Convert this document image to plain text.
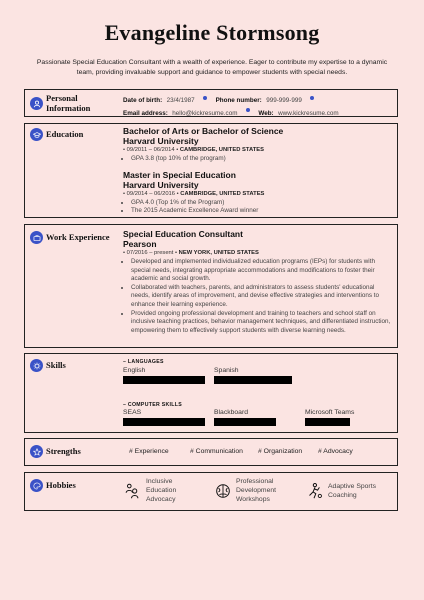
Evangeline Stormsong
Passionate Special Education Consultant with a wealth of experience. Eager to contribute my expertise to a dynamic team, providing invaluable support and guidance to empower students with special needs.
Personal
Information
Date of birth: 23/4/1987	Phone number: 999-999-999
Email address: hello@kickresume.com	Web: www.kickresume.com
Education	Bachelor of Arts or Bachelor of Science
Harvard University
• 09/2011 – 06/2014 • CAMBRIDGE, UNITED STATES
• GPA 3.8 (top 10% of the program)
Master in Special Education
Harvard University
• 09/2014 – 06/2016 • CAMBRIDGE, UNITED STATES
• GPA 4.0 (Top 1% of the Program)
• The 2015 Academic Excellence Award winner
Work Experience Special Education Consultant
Pearson
• 07/2016 – present • NEW YORK, UNITED STATES
• Developed and implemented individualized education programs (IEPs) for students with special needs, integrating appropriate accommodations and modifications to foster their academic and social growth.
• Collaborated with teachers, parents, and administrators to assess students' educational needs, identify areas of improvement, and devise effective strategies and interventions to enhance their learning experience.
• Provided ongoing professional development and training to teachers and school staff on inclusive teaching practices, behavior management techniques, and differentiated instruction, empowering them to effectively support students with diverse learning needs.
Skills	– LANGUAGES
English	Spanish
– COMPUTER SKILLS
SEAS	Blackboard	Microsoft Teams
Strengths	# Experience	# Communication # Organization # Advocacy
Hobbies	Inclusive
Education
Advocacy
Professional
Development
Workshops
Adaptive Sports
Coaching
